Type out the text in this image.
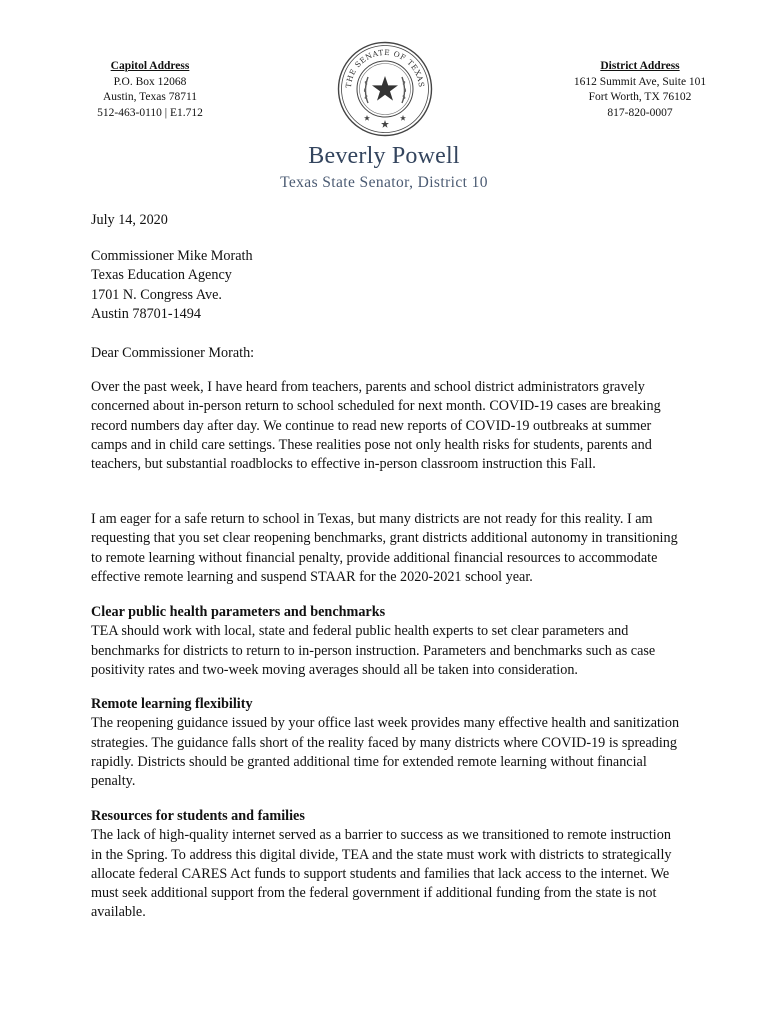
Capitol Address
P.O. Box 12068
Austin, Texas 78711
512-463-0110 | E1.712
THE SENATE OF TEXAS
District Address
1612 Summit Ave, Suite 101
Fort Worth, TX 76102
817-820-0007
Beverly Powell
Texas State Senator, District 10
July 14, 2020

Commissioner Mike Morath

Texas Education Agency

1701 N. Congress Ave.

Austin 78701-1494

Dear Commissioner Morath:

Over the past week, I have heard from teachers, parents and school district administrators gravely concerned about in-person return to school scheduled for next month. COVID-19 cases are breaking record numbers day after day. We continue to read new reports of COVID-19 outbreaks at summer camps and in child care settings. These realities pose not only health risks for students, parents and teachers, but substantial roadblocks to effective in-person classroom instruction this Fall.

I am eager for a safe return to school in Texas, but many districts are not ready for this reality. I am requesting that you set clear reopening benchmarks, grant districts additional autonomy in transitioning to remote learning without financial penalty, provide additional financial resources to accommodate effective remote learning and suspend STAAR for the 2020-2021 school year.

Clear public health parameters and benchmarks

TEA should work with local, state and federal public health experts to set clear parameters and benchmarks for districts to return to in-person instruction. Parameters and benchmarks such as case positivity rates and two-week moving averages should all be taken into consideration.

Remote learning flexibility

The reopening guidance issued by your office last week provides many effective health and sanitization strategies. The guidance falls short of the reality faced by many districts where COVID-19 is spreading rapidly. Districts should be granted additional time for extended remote learning without financial penalty.

Resources for students and families

The lack of high-quality internet served as a barrier to success as we transitioned to remote instruction in the Spring. To address this digital divide, TEA and the state must work with districts to strategically allocate federal CARES Act funds to support students and families that lack access to the internet. We must seek additional support from the federal government if additional funding from the state is not available.
